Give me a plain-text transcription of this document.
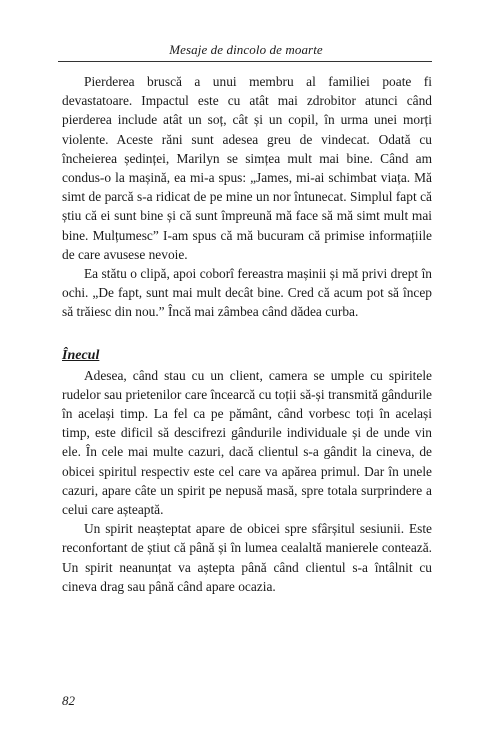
Mesaje de dincolo de moarte

Pierderea bruscă a unui membru al familiei poate fi devastatoare. Impactul este cu atât mai zdrobitor atunci când pierderea include atât un soț, cât și un copil, în urma unei morți violente. Aceste răni sunt adesea greu de vindecat. Odată cu încheierea ședinței, Marilyn se simțea mult mai bine. Când am condus-o la mașină, ea mi-a spus: „James, mi-ai schimbat viața. Mă simt de parcă s-a ridicat de pe mine un nor întunecat. Simplul fapt că știu că ei sunt bine și că sunt împreună mă face să mă simt mult mai bine. Mulțumesc” I-am spus că mă bucuram că primise informațiile de care avusese nevoie.

Ea stătu o clipă, apoi coborî fereastra mașinii și mă privi drept în ochi. „De fapt, sunt mai mult decât bine. Cred că acum pot să încep să trăiesc din nou.” Încă mai zâmbea când dădea curba.

Înecul

Adesea, când stau cu un client, camera se umple cu spiritele rudelor sau prietenilor care încearcă cu toții să-și transmită gândurile în același timp. La fel ca pe pământ, când vorbesc toți în același timp, este dificil să descifrezi gândurile individuale și de unde vin ele. În cele mai multe cazuri, dacă clientul s-a gândit la cineva, de obicei spiritul respectiv este cel care va apărea primul. Dar în unele cazuri, apare câte un spirit pe nepusă masă, spre totala surprindere a celui care așteaptă.

Un spirit neașteptat apare de obicei spre sfârșitul sesiunii. Este reconfortant de știut că până și în lumea cealaltă manierele contează. Un spirit neanunțat va aștepta până când clientul s-a întâlnit cu cineva drag sau până când apare ocazia.

82
